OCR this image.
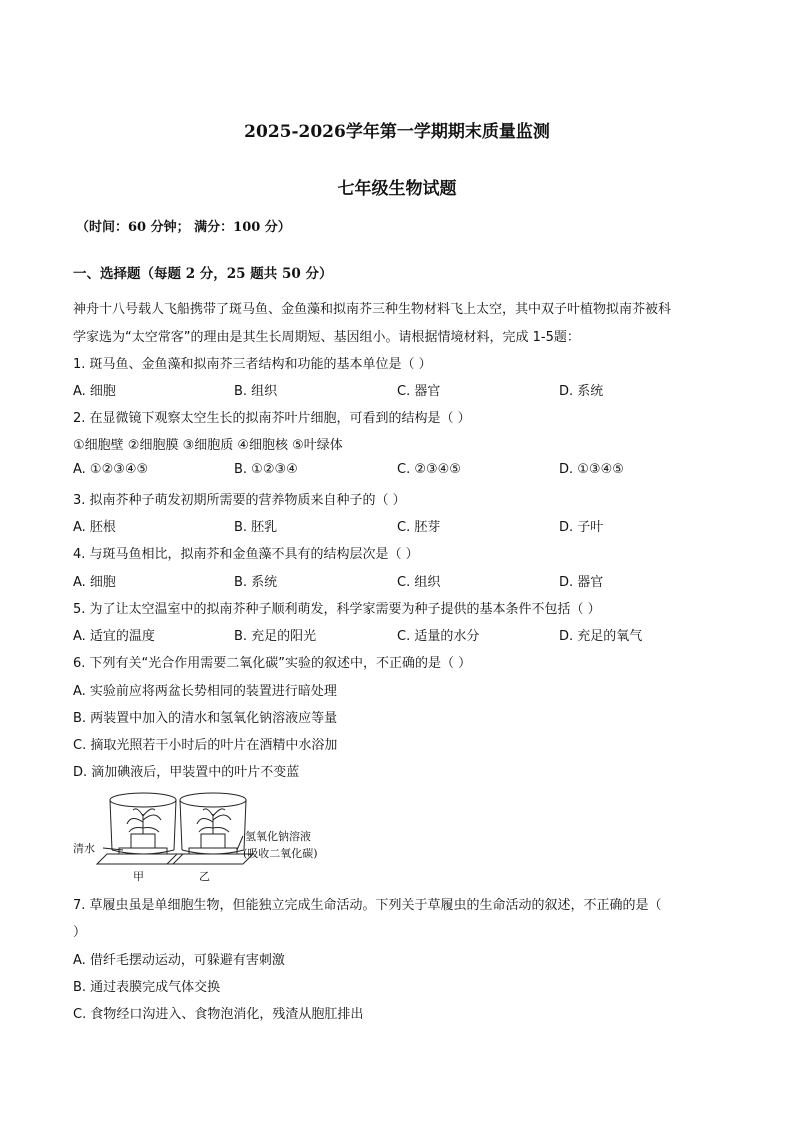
2025-2026学年第一学期期末质量监测
七年级生物试题
（时间：60 分钟； 满分：100 分）
一、选择题（每题 2 分，25 题共 50 分）
神舟十八号载人飞船携带了斑马鱼、金鱼藻和拟南芥三种生物材料飞上太空，其中双子叶植物拟南芥被科
学家选为“太空常客”的理由是其生长周期短、基因组小。请根据情境材料，完成 1-5题：
1. 斑马鱼、金鱼藻和拟南芥三者结构和功能的基本单位是（ ）
A. 细胞	B. 组织	C. 器官	D. 系统
2. 在显微镜下观察太空生长的拟南芥叶片细胞，可看到的结构是（ ）
①细胞壁 ②细胞膜 ③细胞质 ④细胞核 ⑤叶绿体
A. ①②③④⑤	B. ①②③④	C. ②③④⑤	D. ①③④⑤
3. 拟南芥种子萌发初期所需要的营养物质来自种子的（ ）
A. 胚根	B. 胚乳	C. 胚芽	D. 子叶
4. 与斑马鱼相比，拟南芥和金鱼藻不具有的结构层次是（ ）
A. 细胞	B. 系统	C. 组织	D. 器官
5. 为了让太空温室中的拟南芥种子顺利萌发，科学家需要为种子提供的基本条件不包括（ ）
A. 适宜的温度	B. 充足的阳光	C. 适量的水分	D. 充足的氧气
6. 下列有关“光合作用需要二氧化碳”实验的叙述中，不正确的是（ ）
A. 实验前应将两盆长势相同的装置进行暗处理
B. 两装置中加入的清水和氢氧化钠溶液应等量
C. 摘取光照若干小时后的叶片在酒精中水浴加
D. 滴加碘液后，甲装置中的叶片不变蓝
清水
氢氧化钠溶液
(吸收二氧化碳)
甲	乙
7. 草履虫虽是单细胞生物，但能独立完成生命活动。下列关于草履虫的生命活动的叙述，不正确的是（
）
A. 借纤毛摆动运动，可躲避有害刺激
B. 通过表膜完成气体交换
C. 食物经口沟进入、食物泡消化，残渣从胞肛排出
